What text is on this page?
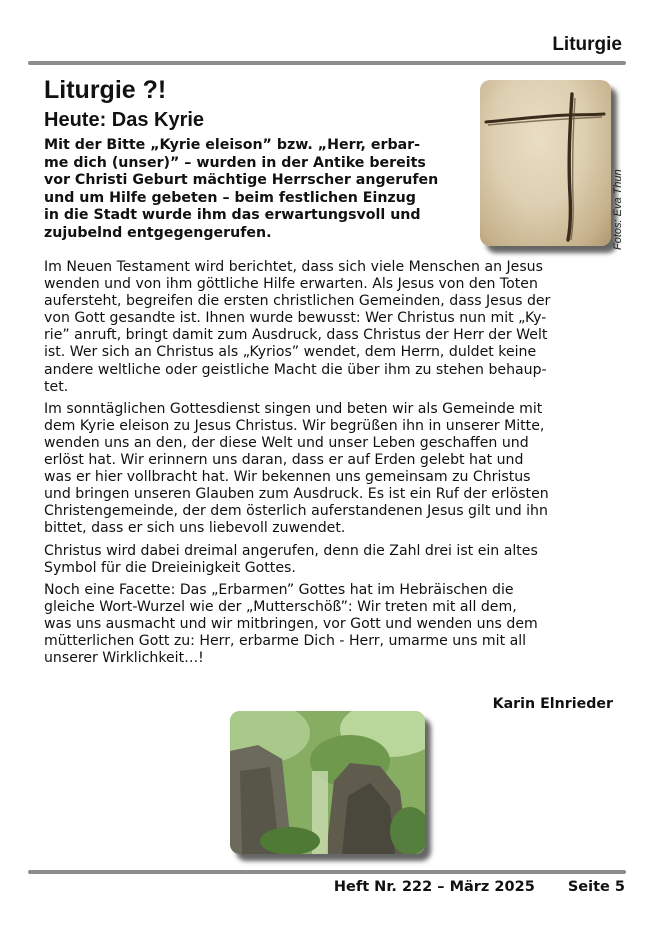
Liturgie
Liturgie ?!
Heute: Das Kyrie
Mit der Bitte „Kyrie eleison” bzw. „Herr, erbar-
me dich (unser)” – wurden in der Antike bereits
vor Christi Geburt mächtige Herrscher angerufen
und um Hilfe gebeten – beim festlichen Einzug
in die Stadt wurde ihm das erwartungsvoll und
zujubelnd entgegengerufen.	Fotos: Eva Thun

Im Neuen Testament wird berichtet, dass sich viele Menschen an Jesus
wenden und von ihm göttliche Hilfe erwarten. Als Jesus von den Toten
aufersteht, begreifen die ersten christlichen Gemeinden, dass Jesus der
von Gott gesandte ist. Ihnen wurde bewusst: Wer Christus nun mit „Ky-
rie” anruft, bringt damit zum Ausdruck, dass Christus der Herr der Welt
ist. Wer sich an Christus als „Kyrios” wendet, dem Herrn, duldet keine
andere weltliche oder geistliche Macht die über ihm zu stehen behaup-
tet.

Im sonntäglichen Gottesdienst singen und beten wir als Gemeinde mit
dem Kyrie eleison zu Jesus Christus. Wir begrüßen ihn in unserer Mitte,
wenden uns an den, der diese Welt und unser Leben geschaffen und
erlöst hat. Wir erinnern uns daran, dass er auf Erden gelebt hat und
was er hier vollbracht hat. Wir bekennen uns gemeinsam zu Christus
und bringen unseren Glauben zum Ausdruck. Es ist ein Ruf der erlösten
Christengemeinde, der dem österlich auferstandenen Jesus gilt und ihn
bittet, dass er sich uns liebevoll zuwendet.

Christus wird dabei dreimal angerufen, denn die Zahl drei ist ein altes
Symbol für die Dreieinigkeit Gottes.

Noch eine Facette: Das „Erbarmen” Gottes hat im Hebräischen die
gleiche Wort-Wurzel wie der „Mutterschöß”: Wir treten mit all dem,
was uns ausmacht und wir mitbringen, vor Gott und wenden uns dem
mütterlichen Gott zu: Herr, erbarme Dich - Herr, umarme uns mit all
unserer Wirklichkeit…!

Karin Elnrieder
Heft Nr. 222 – März 2025 Seite 5
